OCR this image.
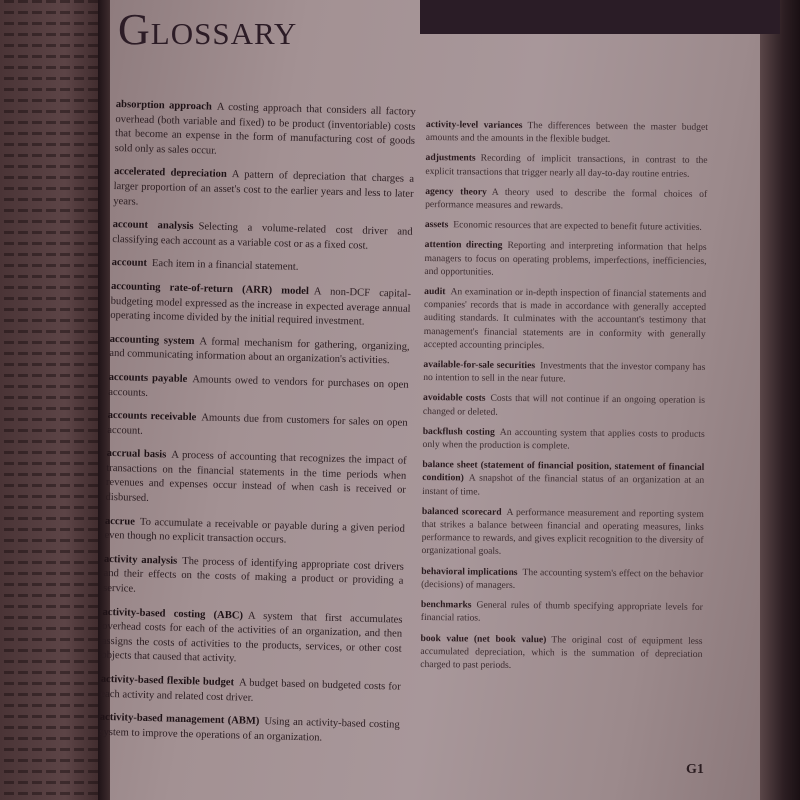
Glossary

absorption approach A costing approach that considers all factory overhead (both variable and fixed) to be product (inventoriable) costs that become an expense in the form of manufacturing cost of goods sold only as sales occur.

accelerated depreciation A pattern of depreciation that charges a larger proportion of an asset's cost to the earlier years and less to later years.

account analysis Selecting a volume-related cost driver and classifying each account as a variable cost or as a fixed cost.

account Each item in a financial statement.

accounting rate-of-return (ARR) model A non-DCF capital-budgeting model expressed as the increase in expected average annual operating income divided by the initial required investment.

accounting system A formal mechanism for gathering, organizing, and communicating information about an organization's activities.

accounts payable Amounts owed to vendors for purchases on open accounts.

accounts receivable Amounts due from customers for sales on open account.

accrual basis A process of accounting that recognizes the impact of transactions on the financial statements in the time periods when revenues and expenses occur instead of when cash is received or disbursed.

accrue To accumulate a receivable or payable during a given period even though no explicit transaction occurs.

activity analysis The process of identifying appropriate cost drivers and their effects on the costs of making a product or providing a service.

activity-based costing (ABC) A system that first accumulates overhead costs for each of the activities of an organization, and then assigns the costs of activities to the products, services, or other cost objects that caused that activity.

activity-based flexible budget A budget based on budgeted costs for each activity and related cost driver.

activity-based management (ABM) Using an activity-based costing system to improve the operations of an organization.

activity-level variances The differences between the master budget amounts and the amounts in the flexible budget.

adjustments Recording of implicit transactions, in contrast to the explicit transactions that trigger nearly all day-to-day routine entries.

agency theory A theory used to describe the formal choices of performance measures and rewards.

assets Economic resources that are expected to benefit future activities.

attention directing Reporting and interpreting information that helps managers to focus on operating problems, imperfections, inefficiencies, and opportunities.

audit An examination or in-depth inspection of financial statements and companies' records that is made in accordance with generally accepted auditing standards. It culminates with the accountant's testimony that management's financial statements are in conformity with generally accepted accounting principles.

available-for-sale securities Investments that the investor company has no intention to sell in the near future.

avoidable costs Costs that will not continue if an ongoing operation is changed or deleted.

backflush costing An accounting system that applies costs to products only when the production is complete.

balance sheet (statement of financial position, statement of financial condition) A snapshot of the financial status of an organization at an instant of time.

balanced scorecard A performance measurement and reporting system that strikes a balance between financial and operating measures, links performance to rewards, and gives explicit recognition to the diversity of organizational goals.

behavioral implications The accounting system's effect on the behavior (decisions) of managers.

benchmarks General rules of thumb specifying appropriate levels for financial ratios.

book value (net book value) The original cost of equipment less accumulated depreciation, which is the summation of depreciation charged to past periods.

G1
